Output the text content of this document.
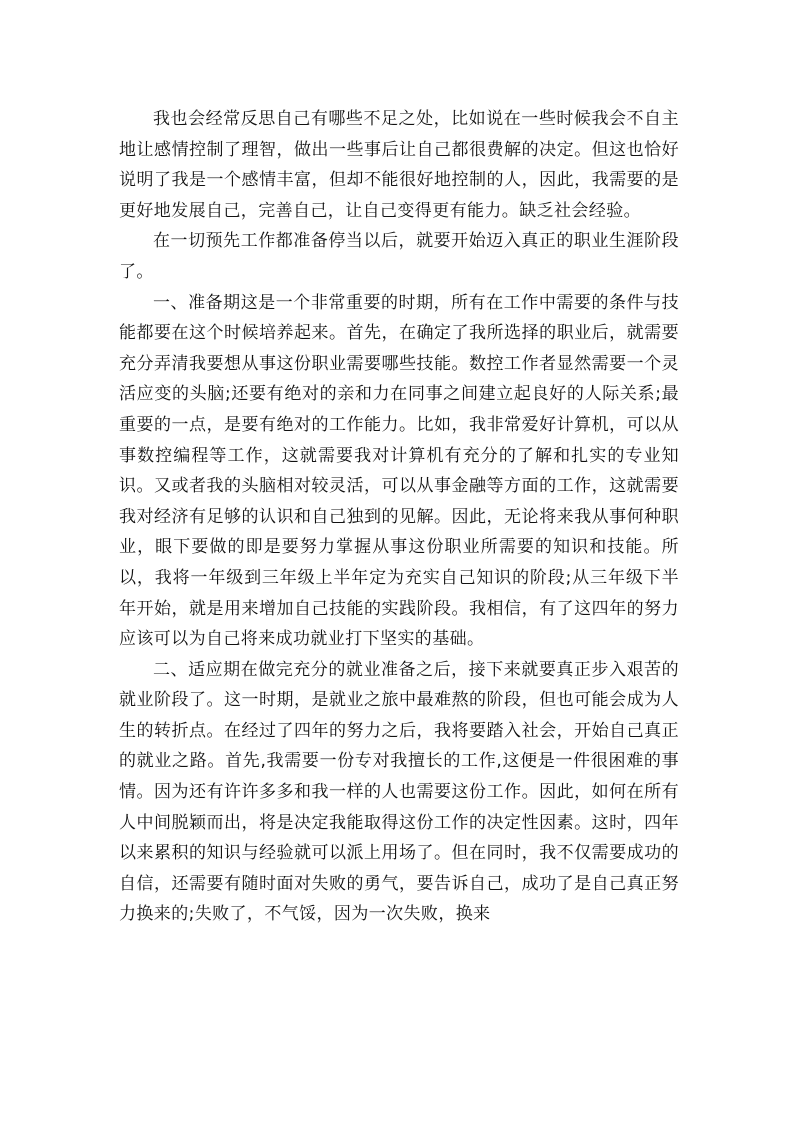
我也会经常反思自己有哪些不足之处，比如说在一些时候我会不自主地让感情控制了理智，做出一些事后让自己都很费解的决定。但这也恰好说明了我是一个感情丰富，但却不能很好地控制的人，因此，我需要的是更好地发展自己，完善自己，让自己变得更有能力。缺乏社会经验。

在一切预先工作都准备停当以后，就要开始迈入真正的职业生涯阶段了。

一、准备期这是一个非常重要的时期，所有在工作中需要的条件与技能都要在这个时候培养起来。首先，在确定了我所选择的职业后，就需要充分弄清我要想从事这份职业需要哪些技能。数控工作者显然需要一个灵活应变的头脑;还要有绝对的亲和力在同事之间建立起良好的人际关系;最重要的一点，是要有绝对的工作能力。比如，我非常爱好计算机，可以从事数控编程等工作，这就需要我对计算机有充分的了解和扎实的专业知识。又或者我的头脑相对较灵活，可以从事金融等方面的工作，这就需要我对经济有足够的认识和自己独到的见解。因此，无论将来我从事何种职业，眼下要做的即是要努力掌握从事这份职业所需要的知识和技能。所以，我将一年级到三年级上半年定为充实自己知识的阶段;从三年级下半年开始，就是用来增加自己技能的实践阶段。我相信，有了这四年的努力应该可以为自己将来成功就业打下坚实的基础。

二、适应期在做完充分的就业准备之后，接下来就要真正步入艰苦的就业阶段了。这一时期，是就业之旅中最难熬的阶段，但也可能会成为人生的转折点。在经过了四年的努力之后，我将要踏入社会，开始自己真正的就业之路。首先,我需要一份专对我擅长的工作,这便是一件很困难的事情。因为还有许许多多和我一样的人也需要这份工作。因此，如何在所有人中间脱颖而出，将是决定我能取得这份工作的决定性因素。这时，四年以来累积的知识与经验就可以派上用场了。但在同时，我不仅需要成功的自信，还需要有随时面对失败的勇气，要告诉自己，成功了是自己真正努力换来的;失败了，不气馁，因为一次失败，换来
